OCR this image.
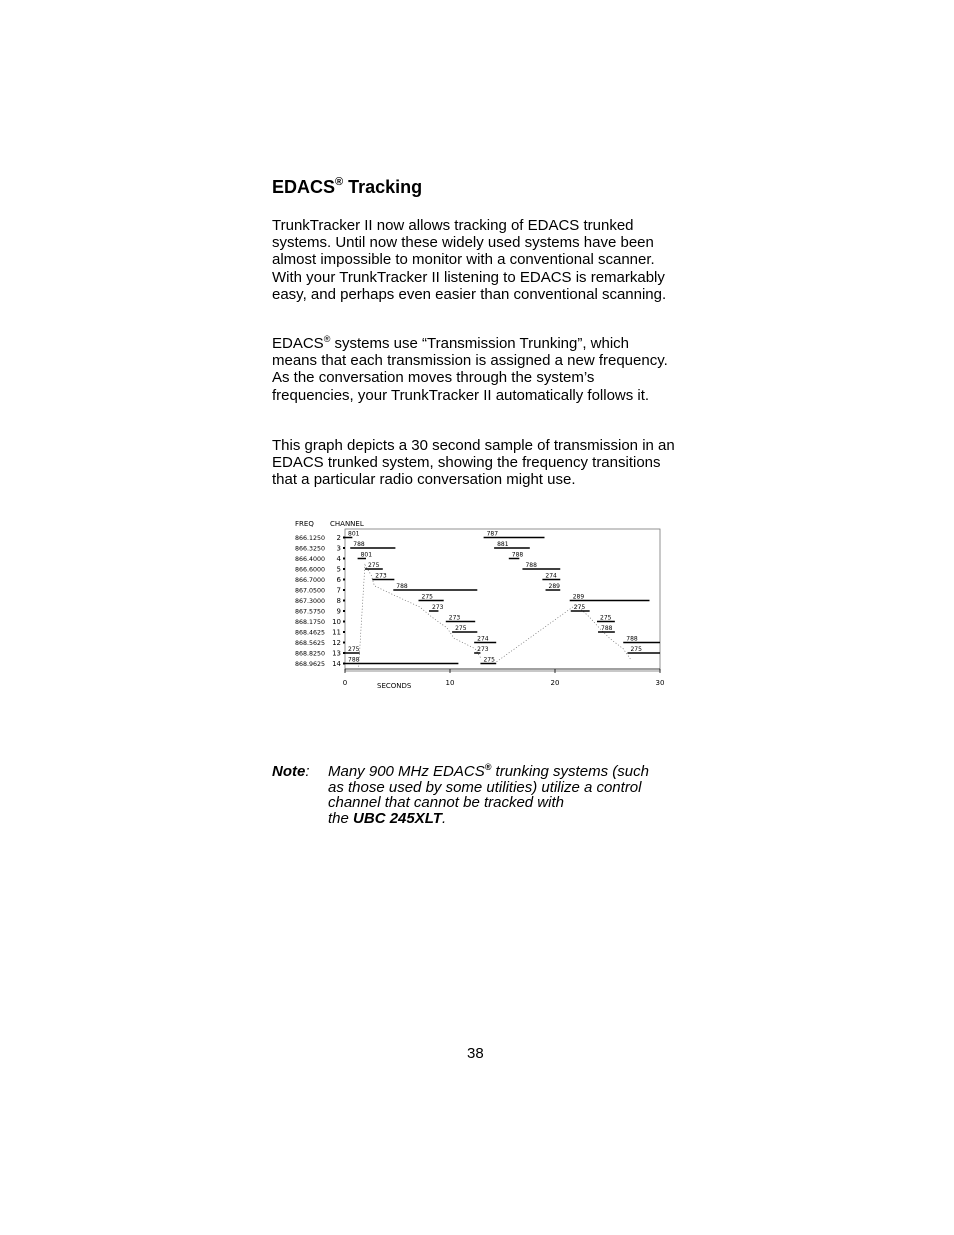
EDACS® Tracking

TrunkTracker II now allows tracking of EDACS trunked systems. Until now these widely used systems have been almost impossible to monitor with a conventional scanner. With your TrunkTracker II listening to EDACS is remarkably easy, and perhaps even easier than conventional scanning.

EDACS® systems use “Transmission Trunking”, which means that each transmission is assigned a new frequency. As the conversation moves through the system’s frequencies, your TrunkTracker II automatically follows it.

This graph depicts a 30 second sample of transmission in an EDACS trunked system, showing the frequency transitions that a particular radio conversation might use.

FREQ CHANNEL
866.1250 2
866.3250 3
866.4000 4
866.6000 5
866.7000 6
867.0500 7
867.3000 8
867.5750 9
868.1750 10
868.4625 11
868.5625 12
868.8250 13
868.9625 14
0	10	20	30
801
788
801
275
273
788
275
273
273
275
274
273
275
275
788
787
881
788
788
274
289
289
275
275
788
788
275
SECONDS
Note: Many 900 MHz EDACS® trunking systems (such
as those used by some utilities) utilize a control
channel that cannot be tracked with
the UBC 245XLT.
38
